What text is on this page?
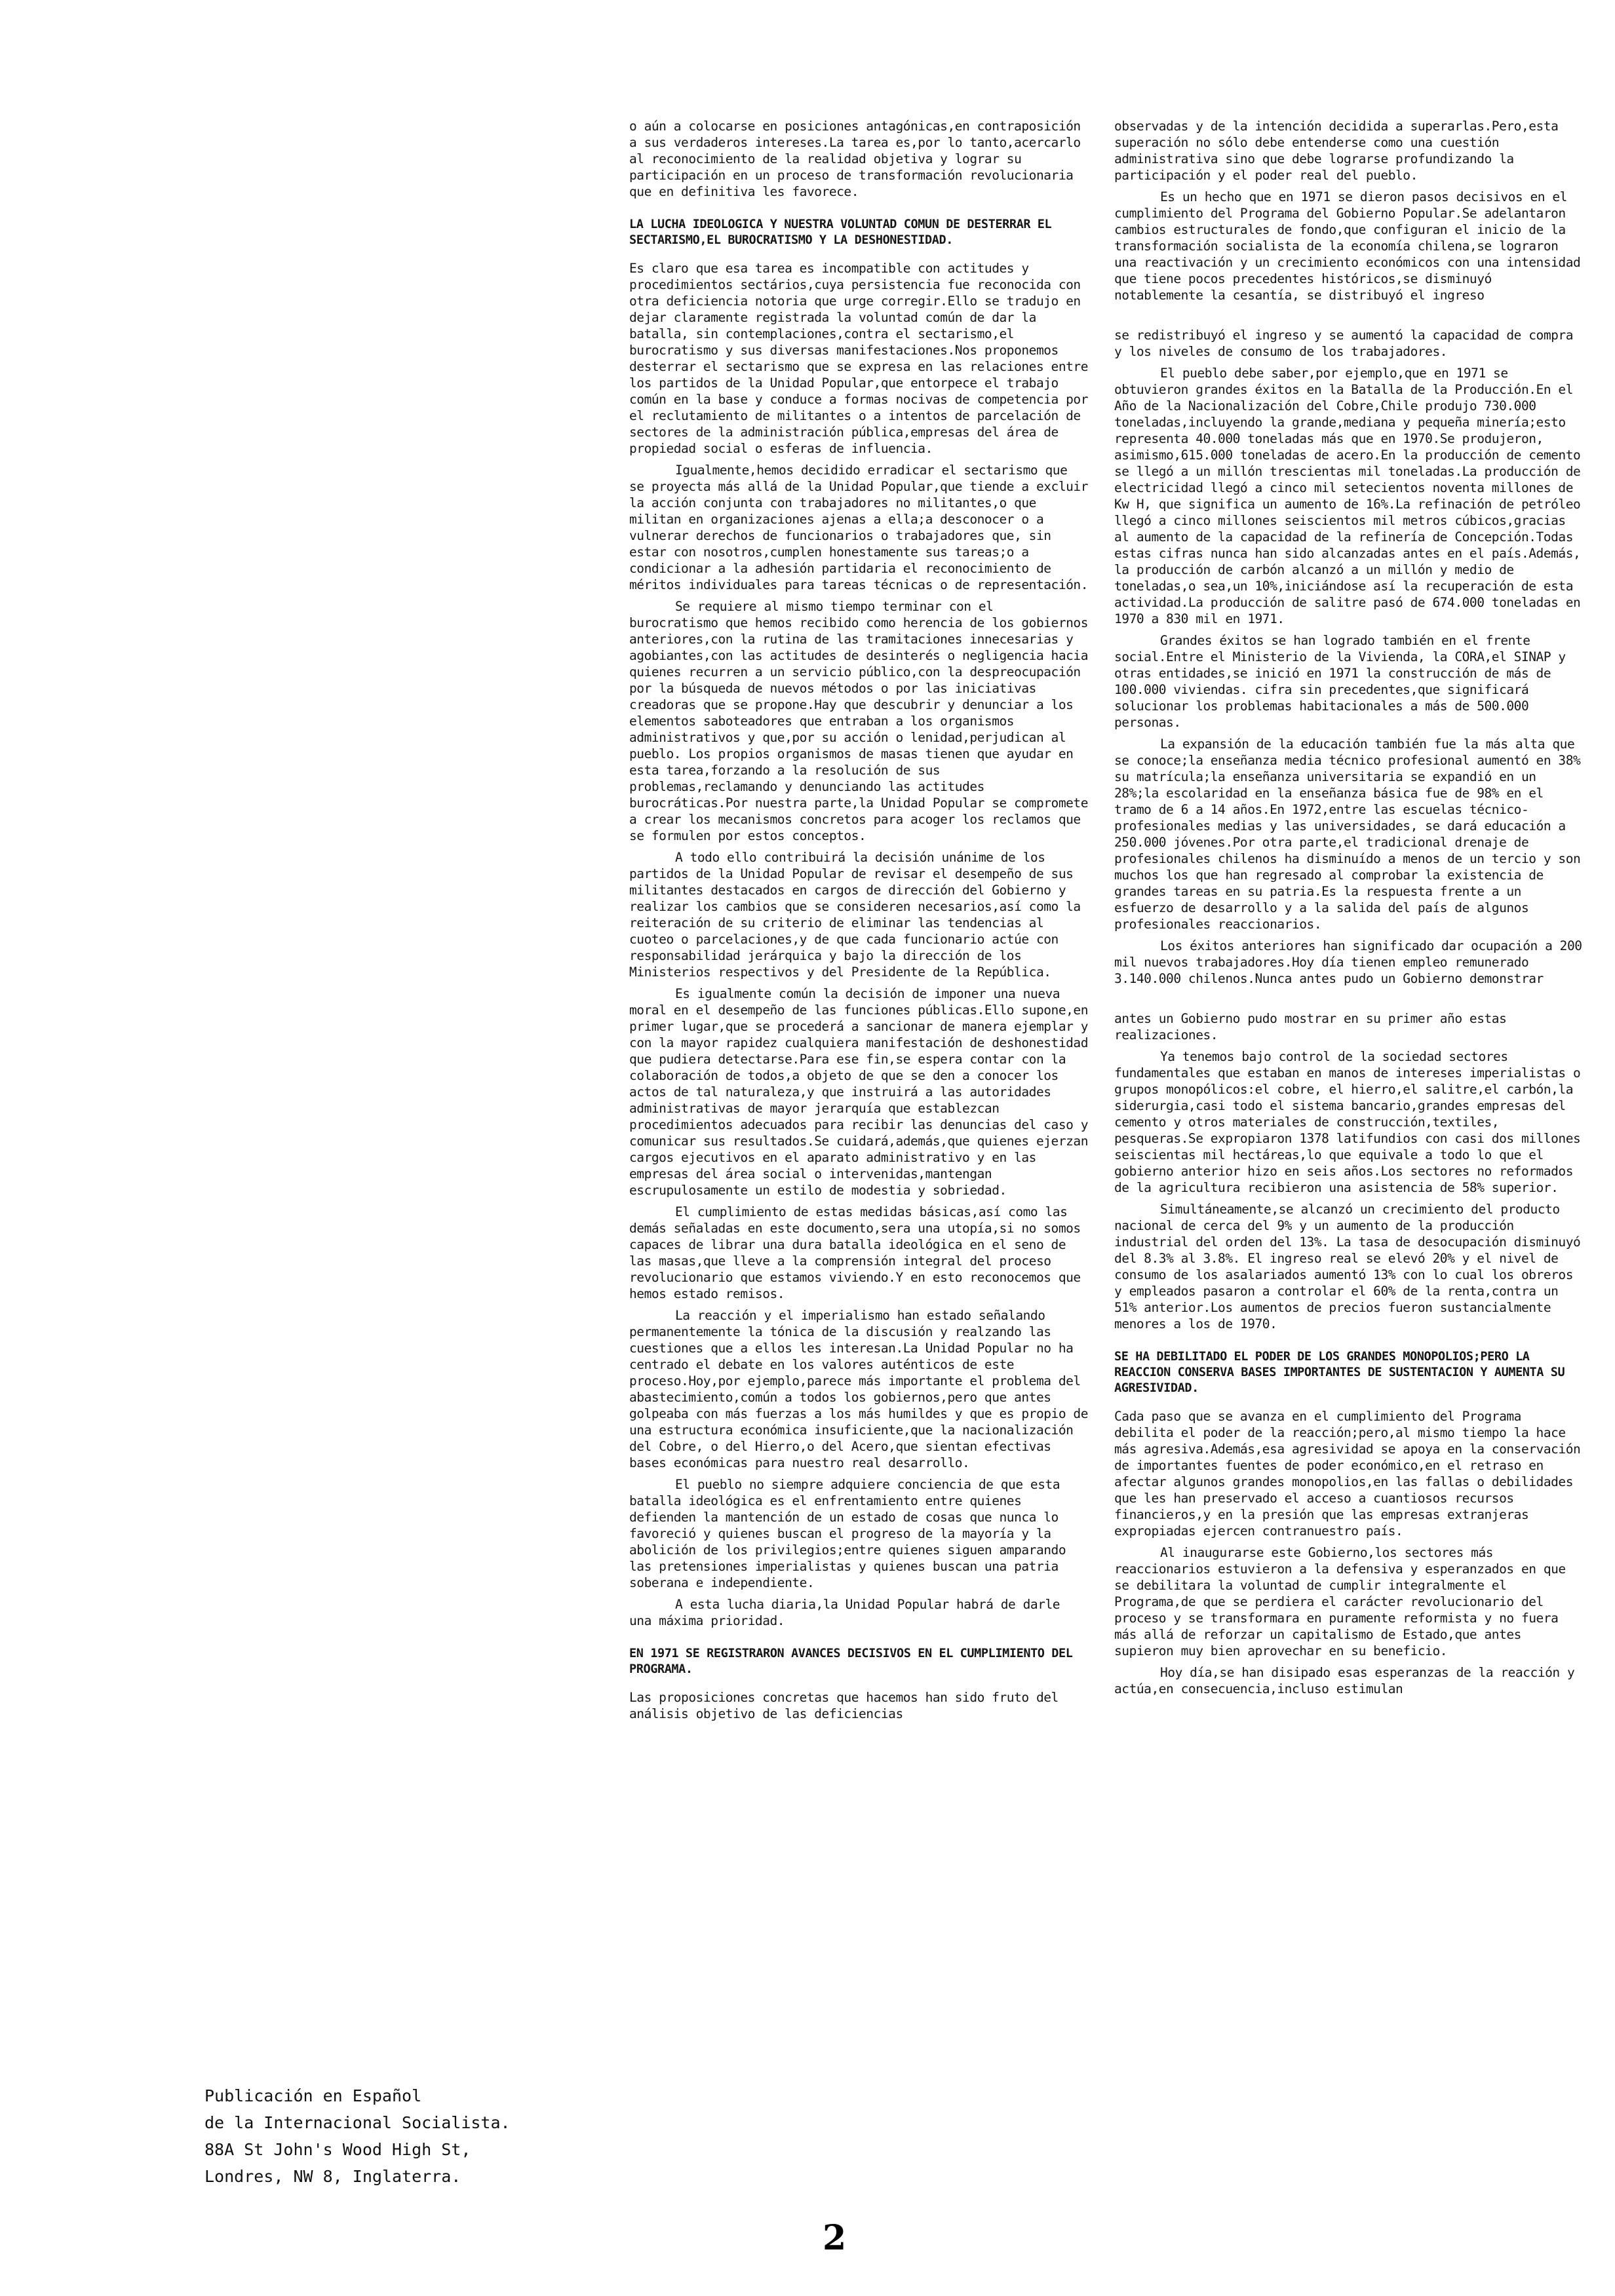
o aún a colocarse en posiciones antagónicas,en contraposición a sus verdaderos intereses.La tarea es,por lo tanto,acercarlo al reconocimiento de la realidad objetiva y lograr su participación en un proceso de transformación revolucionaria que en definitiva les favorece.

LA LUCHA IDEOLOGICA Y NUESTRA VOLUNTAD COMUN DE DESTERRAR EL SECTARISMO,EL BUROCRATISMO Y LA DESHONESTIDAD.

Es claro que esa tarea es incompatible con actitudes y procedimientos sectários,cuya persistencia fue reconocida con otra deficiencia notoria que urge corregir.Ello se tradujo en dejar claramente registrada la voluntad común de dar la batalla, sin contemplaciones,contra el sectarismo,el burocratismo y sus diversas manifestaciones.Nos proponemos desterrar el sectarismo que se expresa en las relaciones entre los partidos de la Unidad Popular,que entorpece el trabajo común en la base y conduce a formas nocivas de competencia por el reclutamiento de militantes o a intentos de parcelación de sectores de la administración pública,empresas del área de propiedad social o esferas de influencia.

Igualmente,hemos decidido erradicar el sectarismo que se proyecta más allá de la Unidad Popular,que tiende a excluir la acción conjunta con trabajadores no militantes,o que militan en organizaciones ajenas a ella;a desconocer o a vulnerar derechos de funcionarios o trabajadores que, sin estar con nosotros,cumplen honestamente sus tareas;o a condicionar a la adhesión partidaria el reconocimiento de méritos individuales para tareas técnicas o de representación.

Se requiere al mismo tiempo terminar con el burocratismo que hemos recibido como herencia de los gobiernos anteriores,con la rutina de las tramitaciones innecesarias y agobiantes,con las actitudes de desinterés o negligencia hacia quienes recurren a un servicio público,con la despreocupación por la búsqueda de nuevos métodos o por las iniciativas creadoras que se propone.Hay que descubrir y denunciar a los elementos saboteadores que entraban a los organismos administrativos y que,por su acción o lenidad,perjudican al pueblo. Los propios organismos de masas tienen que ayudar en esta tarea,forzando a la resolución de sus problemas,reclamando y denunciando las actitudes burocráticas.Por nuestra parte,la Unidad Popular se compromete a crear los mecanismos concretos para acoger los reclamos que se formulen por estos conceptos.

A todo ello contribuirá la decisión unánime de los partidos de la Unidad Popular de revisar el desempeño de sus militantes destacados en cargos de dirección del Gobierno y realizar los cambios que se consideren necesarios,así como la reiteración de su criterio de eliminar las tendencias al cuoteo o parcelaciones,y de que cada funcionario actúe con responsabilidad jerárquica y bajo la dirección de los Ministerios respectivos y del Presidente de la República.

Es igualmente común la decisión de imponer una nueva moral en el desempeño de las funciones públicas.Ello supone,en primer lugar,que se procederá a sancionar de manera ejemplar y con la mayor rapidez cualquiera manifestación de deshonestidad que pudiera detectarse.Para ese fin,se espera contar con la colaboración de todos,a objeto de que se den a conocer los actos de tal naturaleza,y que instruirá a las autoridades administrativas de mayor jerarquía que establezcan procedimientos adecuados para recibir las denuncias del caso y comunicar sus resultados.Se cuidará,además,que quienes ejerzan cargos ejecutivos en el aparato administrativo y en las empresas del área social o intervenidas,mantengan escrupulosamente un estilo de modestia y sobriedad.

El cumplimiento de estas medidas básicas,así como las demás señaladas en este documento,sera una utopía,si no somos capaces de librar una dura batalla ideológica en el seno de las masas,que lleve a la comprensión integral del proceso revolucionario que estamos viviendo.Y en esto reconocemos que hemos estado remisos.

La reacción y el imperialismo han estado señalando permanentemente la tónica de la discusión y realzando las cuestiones que a ellos les interesan.La Unidad Popular no ha centrado el debate en los valores auténticos de este proceso.Hoy,por ejemplo,parece más importante el problema del abastecimiento,común a todos los gobiernos,pero que antes golpeaba con más fuerzas a los más humildes y que es propio de una estructura económica insuficiente,que la nacionalización del Cobre, o del Hierro,o del Acero,que sientan efectivas bases económicas para nuestro real desarrollo.

El pueblo no siempre adquiere conciencia de que esta batalla ideológica es el enfrentamiento entre quienes defienden la mantención de un estado de cosas que nunca lo favoreció y quienes buscan el progreso de la mayoría y la abolición de los privilegios;entre quienes siguen amparando las pretensiones imperialistas y quienes buscan una patria soberana e independiente.

A esta lucha diaria,la Unidad Popular habrá de darle una máxima prioridad.

EN 1971 SE REGISTRARON AVANCES DECISIVOS EN EL CUMPLIMIENTO DEL PROGRAMA.

Las proposiciones concretas que hacemos han sido fruto del análisis objetivo de las deficiencias

observadas y de la intención decidida a superarlas.Pero,esta superación no sólo debe entenderse como una cuestión administrativa sino que debe lograrse profundizando la participación y el poder real del pueblo.

Es un hecho que en 1971 se dieron pasos decisivos en el cumplimiento del Programa del Gobierno Popular.Se adelantaron cambios estructurales de fondo,que configuran el inicio de la transformación socialista de la economía chilena,se lograron una reactivación y un crecimiento económicos con una intensidad que tiene pocos precedentes históricos,se disminuyó notablemente la cesantía, se distribuyó el ingreso

se redistribuyó el ingreso y se aumentó la capacidad de compra y los niveles de consumo de los trabajadores.

El pueblo debe saber,por ejemplo,que en 1971 se obtuvieron grandes éxitos en la Batalla de la Producción.En el Año de la Nacionalización del Cobre,Chile produjo 730.000 toneladas,incluyendo la grande,mediana y pequeña minería;esto representa 40.000 toneladas más que en 1970.Se produjeron, asimismo,615.000 toneladas de acero.En la producción de cemento se llegó a un millón trescientas mil toneladas.La producción de electricidad llegó a cinco mil setecientos noventa millones de Kw H, que significa un aumento de 16%.La refinación de petróleo llegó a cinco millones seiscientos mil metros cúbicos,gracias al aumento de la capacidad de la refinería de Concepción.Todas estas cifras nunca han sido alcanzadas antes en el país.Además, la producción de carbón alcanzó a un millón y medio de toneladas,o sea,un 10%,iniciándose así la recuperación de esta actividad.La producción de salitre pasó de 674.000 toneladas en 1970 a 830 mil en 1971.

Grandes éxitos se han logrado también en el frente social.Entre el Ministerio de la Vivienda, la CORA,el SINAP y otras entidades,se inició en 1971 la construcción de más de 100.000 viviendas. cifra sin precedentes,que significará solucionar los problemas habitacionales a más de 500.000 personas.

La expansión de la educación también fue la más alta que se conoce;la enseñanza media técnico profesional aumentó en 38% su matrícula;la enseñanza universitaria se expandió en un 28%;la escolaridad en la enseñanza básica fue de 98% en el tramo de 6 a 14 años.En 1972,entre las escuelas técnico-profesionales medias y las universidades, se dará educación a 250.000 jóvenes.Por otra parte,el tradicional drenaje de profesionales chilenos ha disminuído a menos de un tercio y son muchos los que han regresado al comprobar la existencia de grandes tareas en su patria.Es la respuesta frente a un esfuerzo de desarrollo y a la salida del país de algunos profesionales reaccionarios.

Los éxitos anteriores han significado dar ocupación a 200 mil nuevos trabajadores.Hoy día tienen empleo remunerado 3.140.000 chilenos.Nunca antes pudo un Gobierno demonstrar

antes un Gobierno pudo mostrar en su primer año estas realizaciones.

Ya tenemos bajo control de la sociedad sectores fundamentales que estaban en manos de intereses imperialistas o grupos monopólicos:el cobre, el hierro,el salitre,el carbón,la siderurgia,casi todo el sistema bancario,grandes empresas del cemento y otros materiales de construcción,textiles, pesqueras.Se expropiaron 1378 latifundios con casi dos millones seiscientas mil hectáreas,lo que equivale a todo lo que el gobierno anterior hizo en seis años.Los sectores no reformados de la agricultura recibieron una asistencia de 58% superior.

Simultáneamente,se alcanzó un crecimiento del producto nacional de cerca del 9% y un aumento de la producción industrial del orden del 13%. La tasa de desocupación disminuyó del 8.3% al 3.8%. El ingreso real se elevó 20% y el nivel de consumo de los asalariados aumentó 13% con lo cual los obreros y empleados pasaron a controlar el 60% de la renta,contra un 51% anterior.Los aumentos de precios fueron sustancialmente menores a los de 1970.

SE HA DEBILITADO EL PODER DE LOS GRANDES MONOPOLIOS;PERO LA REACCION CONSERVA BASES IMPORTANTES DE SUSTENTACION Y AUMENTA SU AGRESIVIDAD.

Cada paso que se avanza en el cumplimiento del Programa debilita el poder de la reacción;pero,al mismo tiempo la hace más agresiva.Además,esa agresividad se apoya en la conservación de importantes fuentes de poder económico,en el retraso en afectar algunos grandes monopolios,en las fallas o debilidades que les han preservado el acceso a cuantiosos recursos financieros,y en la presión que las empresas extranjeras expropiadas ejercen contranuestro país.

Al inaugurarse este Gobierno,los sectores más reaccionarios estuvieron a la defensiva y esperanzados en que se debilitara la voluntad de cumplir integralmente el Programa,de que se perdiera el carácter revolucionario del proceso y se transformara en puramente reformista y no fuera más allá de reforzar un capitalismo de Estado,que antes supieron muy bien aprovechar en su beneficio.

Hoy día,se han disipado esas esperanzas de la reacción y actúa,en consecuencia,incluso estimulan

Publicación en Español
de la Internacional Socialista.
88A St John's Wood High St,
Londres, NW 8, Inglaterra.
2
